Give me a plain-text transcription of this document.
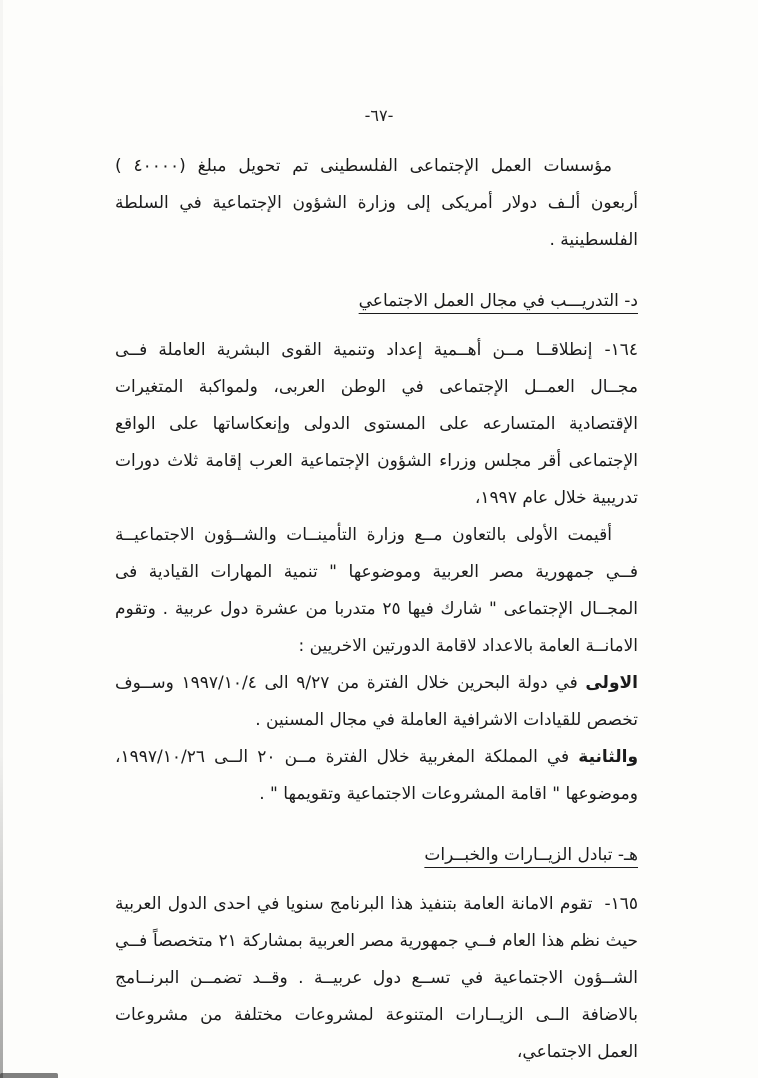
-٦٧-

مؤسسات العمل الإجتماعى الفلسطينى تم تحويل مبلغ (٤٠٠٠٠ ) أربعون ألـف دولار أمريكى إلى وزارة الشؤون الإجتماعية في السلطة الفلسطينية .

د- التدريـــب في مجال العمل الاجتماعي

١٦٤-إنطلاقــا مــن أهــمية إعداد وتنمية القوى البشرية العاملة فــى مجــال العمــل الإجتماعى في الوطن العربى، ولمواكبة المتغيرات الإقتصادية المتسارعه على المستوى الدولى وإنعكاساتها على الواقع الإجتماعى أقر مجلس وزراء الشؤون الإجتماعية العرب إقامة ثلاث دورات تدريبية خلال عام ١٩٩٧،

أقيمت الأولى بالتعاون مــع وزارة التأمينــات والشــؤون الاجتماعيــة فــي جمهورية مصر العربية وموضوعها " تنمية المهارات القيادية فى المجــال الإجتماعى " شارك فيها ٢٥ متدربا من عشرة دول عربية . وتقوم الامانــة العامة بالاعداد لاقامة الدورتين الاخريين :

الاولى في دولة البحرين خلال الفترة من ٩/٢٧ الى ١٩٩٧/١٠/٤ وســوف تخصص للقيادات الاشرافية العاملة في مجال المسنين .

والثانية في المملكة المغربية خلال الفترة مــن ٢٠ الــى ١٩٩٧/١٠/٢٦، وموضوعها " اقامة المشروعات الاجتماعية وتقويمها " .

هـ- تبادل الزيــارات والخبــرات

١٦٥-تقوم الامانة العامة بتنفيذ هذا البرنامج سنويا في احدى الدول العربية حيث نظم هذا العام فــي جمهورية مصر العربية بمشاركة ٢١ متخصصاً فــي الشــؤون الاجتماعية في تســع دول عربيــة . وقــد تضمــن البرنــامج بالاضافة الــى الزيــارات المتنوعة لمشروعات مختلفة من مشروعات العمل الاجتماعي،
